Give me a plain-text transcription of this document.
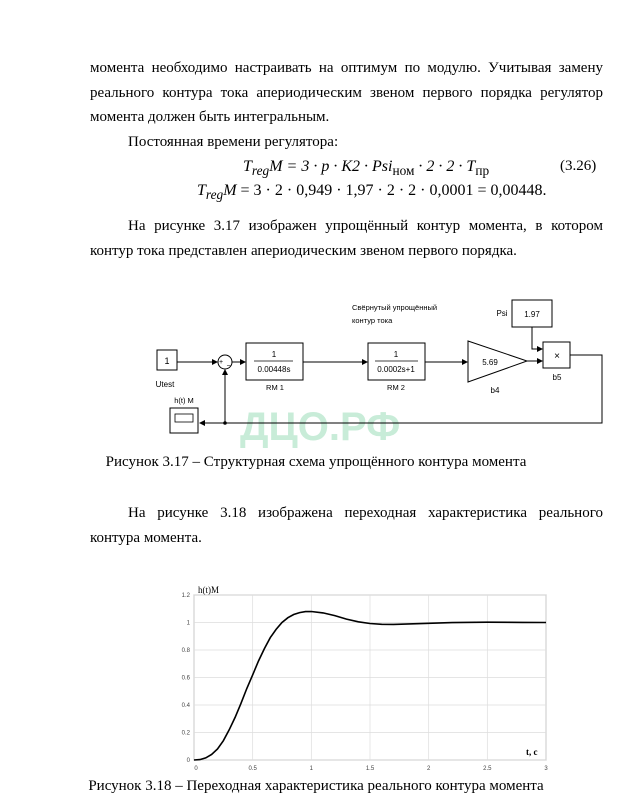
момента необходимо настраивать на оптимум по модулю. Учитывая замену
реального контура тока апериодическим звеном первого порядка регулятор
момента должен быть интегральным.
Постоянная времени регулятора:
$T_{reg}M = 3 \cdot p \cdot K2 \cdot Psi_{ном} \cdot 2 \cdot 2 \cdot T_{пр}$	(3.26)
$T_{reg}M = 3 \cdot 2 \cdot 0,949 \cdot 1,97 \cdot 2 \cdot 2 \cdot 0,0001 = 0,00448$.
На рисунке 3.17 изображен упрощённый контур момента, в котором
контур тока представлен апериодическим звеном первого порядка.
ДЦО.РФ
1
Utest
+
−
1
0.00448s
RM 1
1
0.0002s+1
RM 2
5.69
b4
1.97
Psi
×
b5
Свёрнутый упрощённый
контур тока
h(t) M
Рисунок 3.17 – Структурная схема упрощённого контура момента
На рисунке 3.18 изображена переходная характеристика реального
контура момента.
0	0.5	1	1.5	2	2.5	3
0
0.2
0.4
0.6
0.8
1
1.2
h(t)M
t, c
Рисунок 3.18 – Переходная характеристика реального контура момента
